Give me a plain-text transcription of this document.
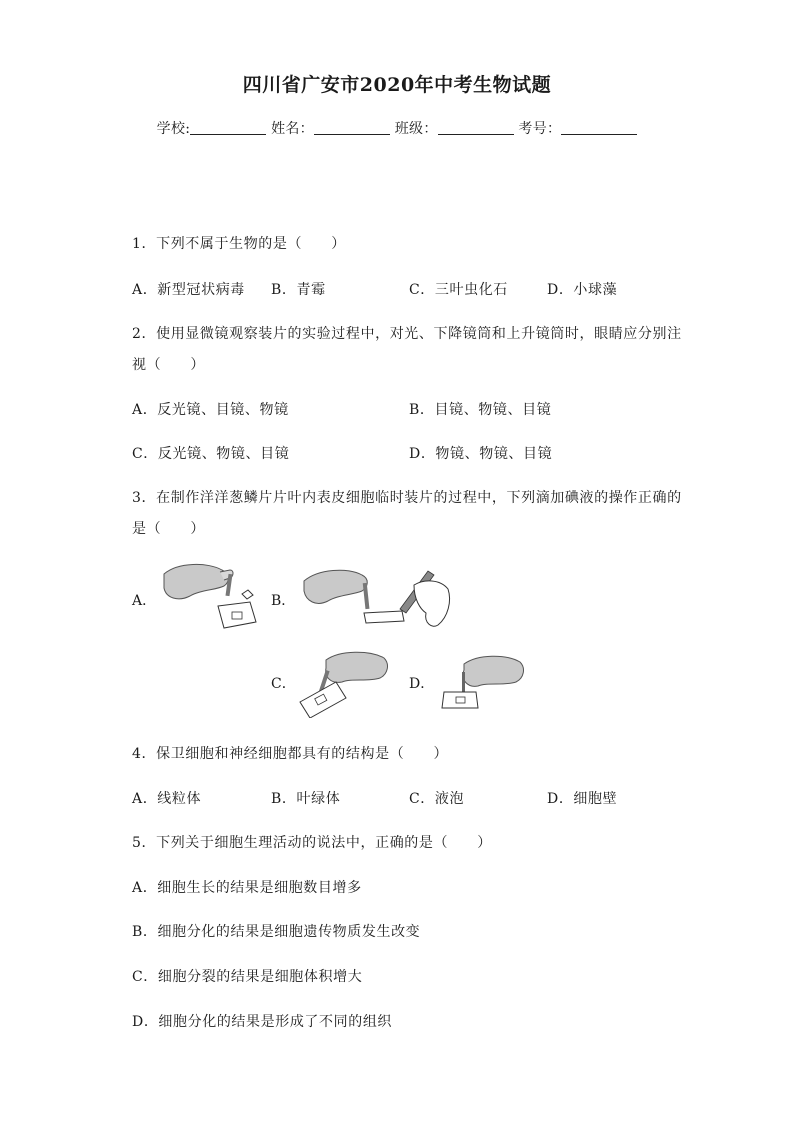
四川省广安市2020年中考生物试题
学校:	姓名：	班级：	考号：
1．下列不属于生物的是（　　）
A．新型冠状病毒 B．青霉	C．三叶虫化石	D．小球藻
2．使用显微镜观察装片的实验过程中，对光、下降镜筒和上升镜筒时，眼睛应分别注
视（　　）
A．反光镜、目镜、物镜	B．目镜、物镜、目镜
C．反光镜、物镜、目镜	D．物镜、物镜、目镜
3．在制作洋洋葱鳞片片叶内表皮细胞临时装片的过程中，下列滴加碘液的操作正确的
是（　　）
A．	B．
C．	D．
4．保卫细胞和神经细胞都具有的结构是（　　）
A．线粒体	B．叶绿体	C．液泡	D．细胞壁
5．下列关于细胞生理活动的说法中，正确的是（　　）
A．细胞生长的结果是细胞数目增多
B．细胞分化的结果是细胞遗传物质发生改变
C．细胞分裂的结果是细胞体积增大
D．细胞分化的结果是形成了不同的组织
